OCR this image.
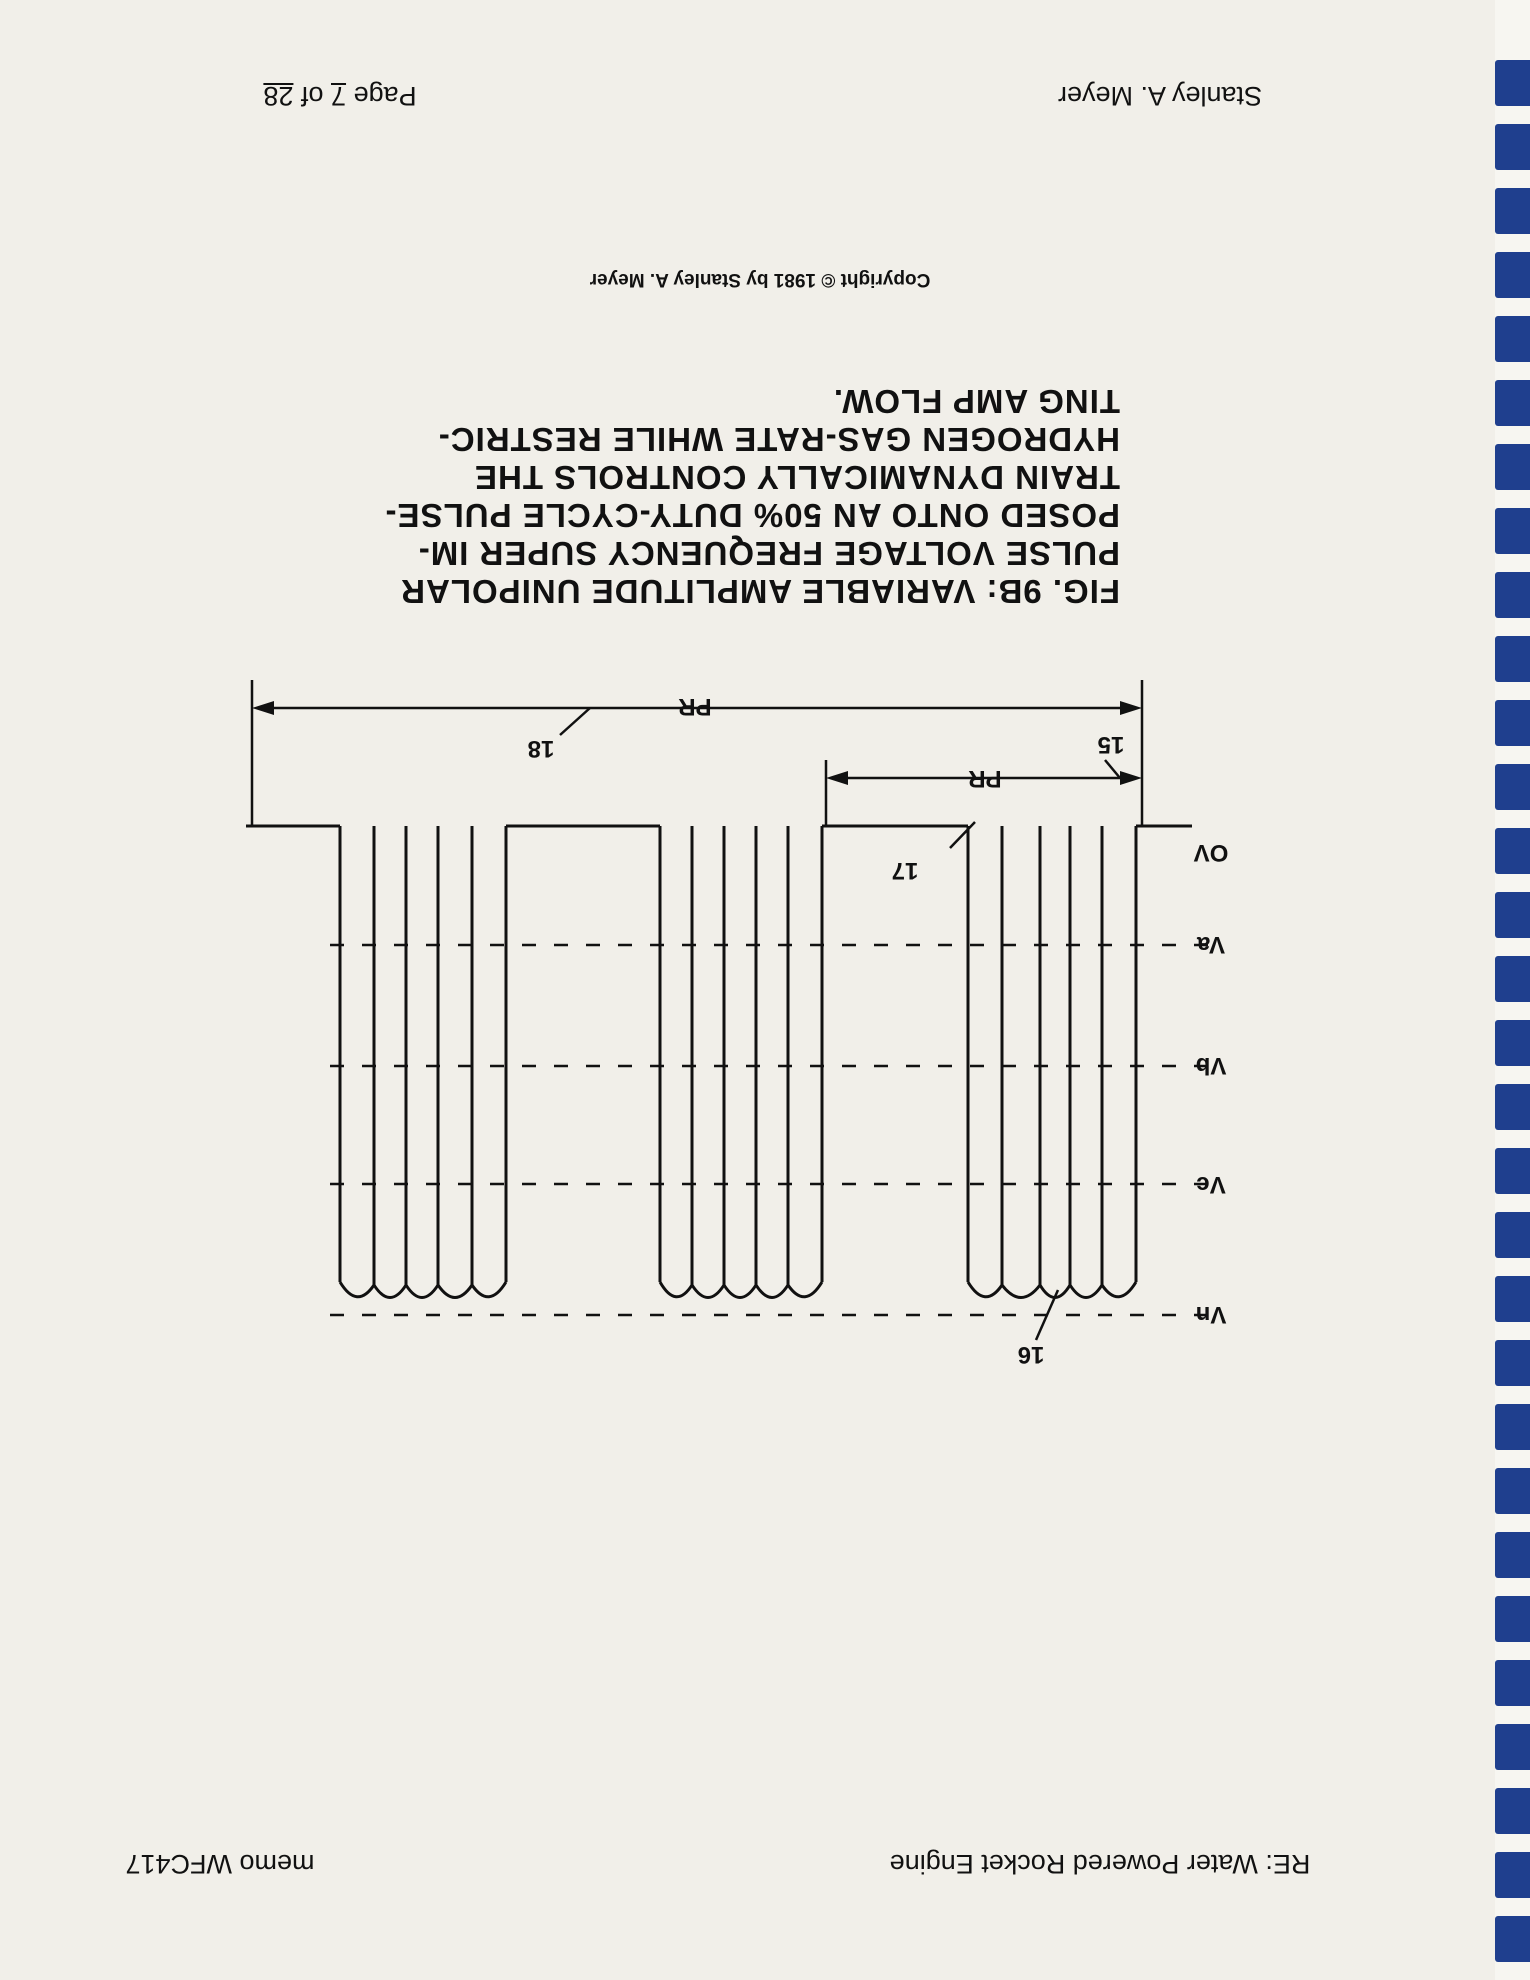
Page 7 of 28	Stanley A. Meyer
Copyright © 1981 by Stanley A. Meyer
FIG. 9B: VARIABLE AMPLITUDE UNIPOLAR PULSE VOLTAGE FREQUENCY SUPER IM-POSED ONTO AN 50% DUTY-CYCLE PULSE-TRAIN DYNAMICALLY CONTROLS THE HYDROGEN GAS-RATE WHILE RESTRIC-TING AMP FLOW.
18	15
17
16
PR
PR
OV
Va
Vb
Vc
Vn
memo WFC417	RE: Water Powered Rocket Engine
